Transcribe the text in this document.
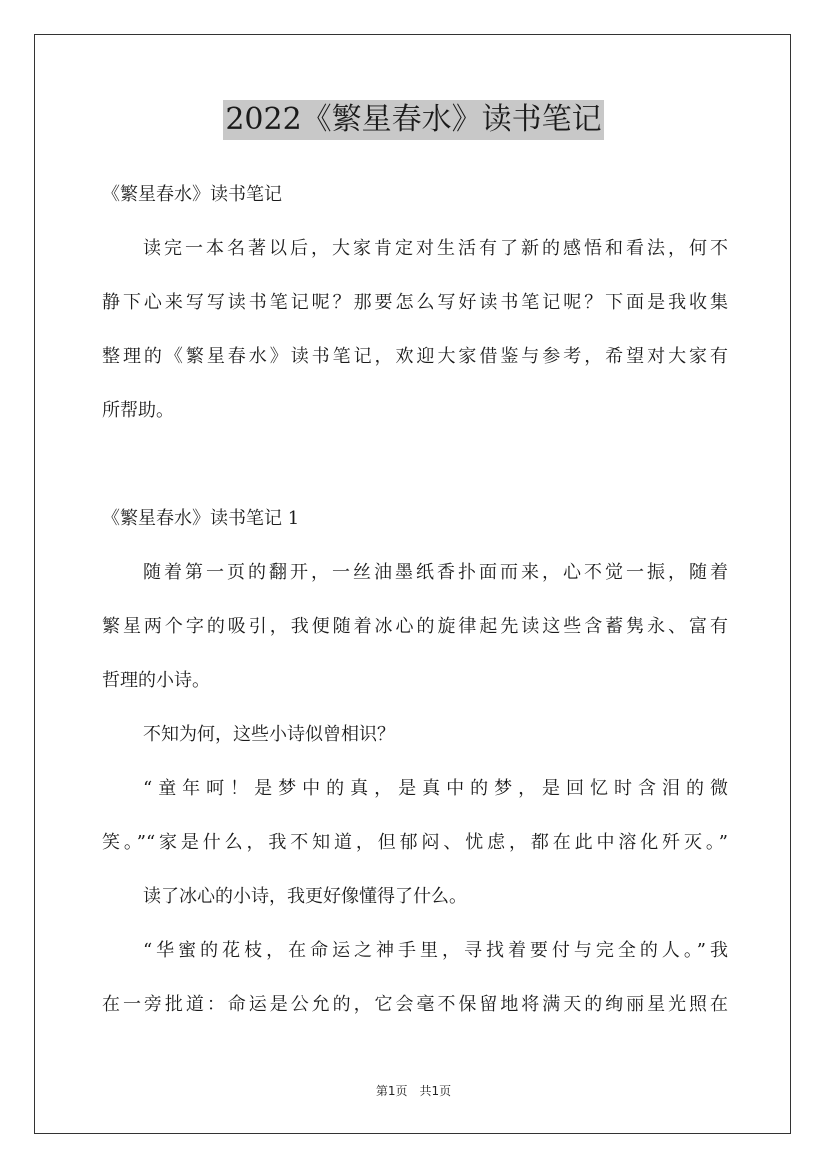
2022《繁星春水》读书笔记
《繁星春水》读书笔记
读完一本名著以后，大家肯定对生活有了新的感悟和看法，何不
静下心来写写读书笔记呢？那要怎么写好读书笔记呢？下面是我收集
整理的《繁星春水》读书笔记，欢迎大家借鉴与参考，希望对大家有
所帮助。
《繁星春水》读书笔记 1
随着第一页的翻开，一丝油墨纸香扑面而来，心不觉一振，随着
繁星两个字的吸引，我便随着冰心的旋律起先读这些含蓄隽永、富有
哲理的小诗。
不知为何，这些小诗似曾相识？
“童年呵！是梦中的真，是真中的梦，是回忆时含泪的微
笑。”“家是什么，我不知道，但郁闷、忧虑，都在此中溶化歼灭。”
读了冰心的小诗，我更好像懂得了什么。
“华蜜的花枝，在命运之神手里，寻找着要付与完全的人。”我
在一旁批道：命运是公允的，它会毫不保留地将满天的绚丽星光照在
第1页　共1页
